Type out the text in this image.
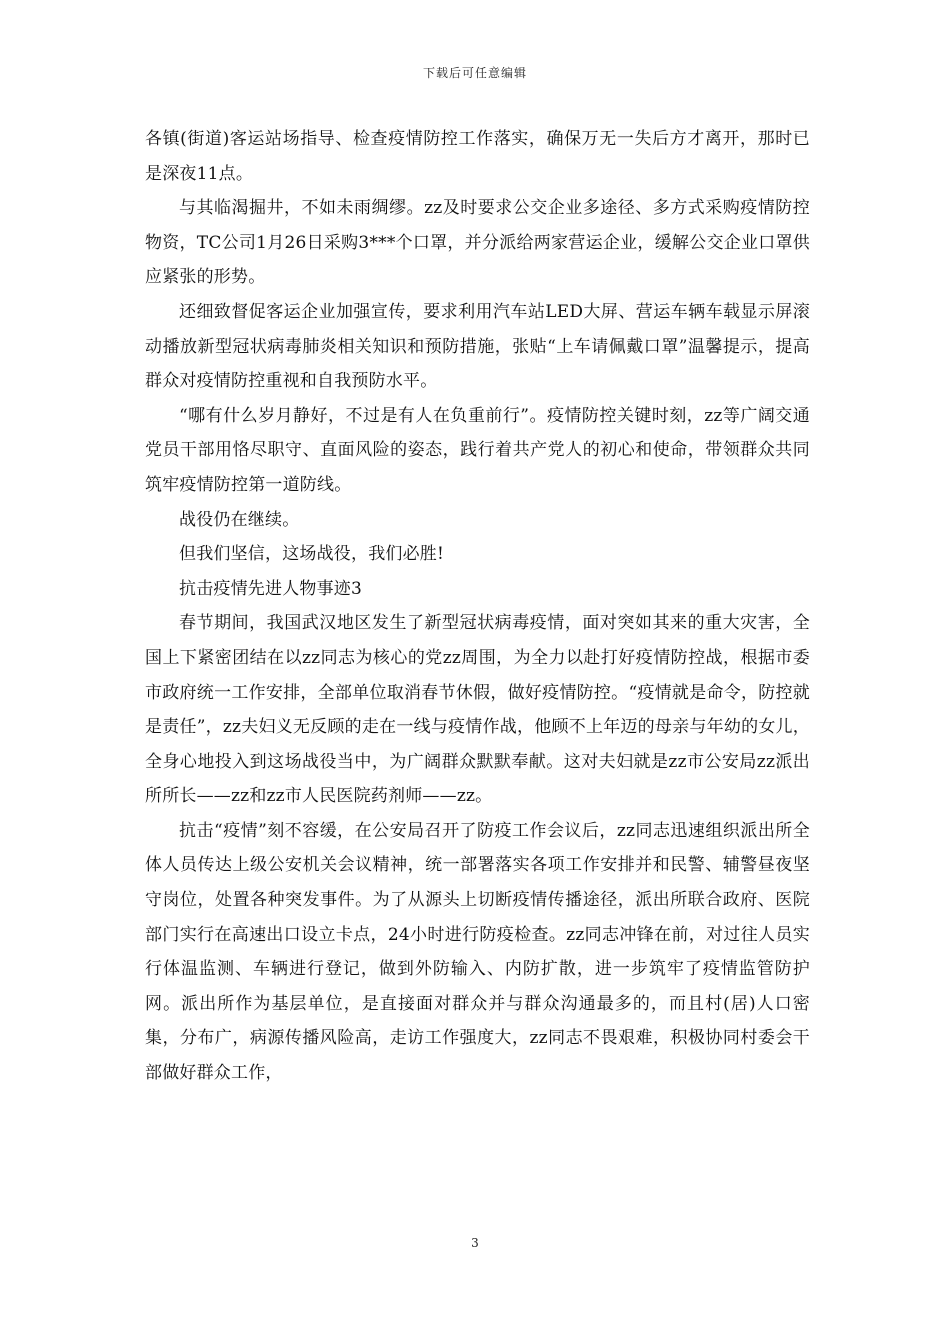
下载后可任意编辑

各镇(街道)客运站场指导、检查疫情防控工作落实，确保万无一失后方才离开，那时已是深夜11点。

与其临渴掘井，不如未雨绸缪。zz及时要求公交企业多途径、多方式采购疫情防控物资，TC公司1月26日采购3***个口罩，并分派给两家营运企业，缓解公交企业口罩供应紧张的形势。

还细致督促客运企业加强宣传，要求利用汽车站LED大屏、营运车辆车载显示屏滚动播放新型冠状病毒肺炎相关知识和预防措施，张贴“上车请佩戴口罩”温馨提示，提高群众对疫情防控重视和自我预防水平。

“哪有什么岁月静好，不过是有人在负重前行”。疫情防控关键时刻，zz等广阔交通党员干部用恪尽职守、直面风险的姿态，践行着共产党人的初心和使命，带领群众共同筑牢疫情防控第一道防线。

战役仍在继续。

但我们坚信，这场战役，我们必胜!

抗击疫情先进人物事迹3

春节期间，我国武汉地区发生了新型冠状病毒疫情，面对突如其来的重大灾害，全国上下紧密团结在以zz同志为核心的党zz周围，为全力以赴打好疫情防控战，根据市委市政府统一工作安排，全部单位取消春节休假，做好疫情防控。“疫情就是命令，防控就是责任”，zz夫妇义无反顾的走在一线与疫情作战，他顾不上年迈的母亲与年幼的女儿，全身心地投入到这场战役当中，为广阔群众默默奉献。这对夫妇就是zz市公安局zz派出所所长——zz和zz市人民医院药剂师——zz。

抗击“疫情”刻不容缓，在公安局召开了防疫工作会议后，zz同志迅速组织派出所全体人员传达上级公安机关会议精神，统一部署落实各项工作安排并和民警、辅警昼夜坚守岗位，处置各种突发事件。为了从源头上切断疫情传播途径，派出所联合政府、医院部门实行在高速出口设立卡点，24小时进行防疫检查。zz同志冲锋在前，对过往人员实行体温监测、车辆进行登记，做到外防输入、内防扩散，进一步筑牢了疫情监管防护网。派出所作为基层单位，是直接面对群众并与群众沟通最多的，而且村(居)人口密集，分布广，病源传播风险高，走访工作强度大，zz同志不畏艰难，积极协同村委会干部做好群众工作，

3
